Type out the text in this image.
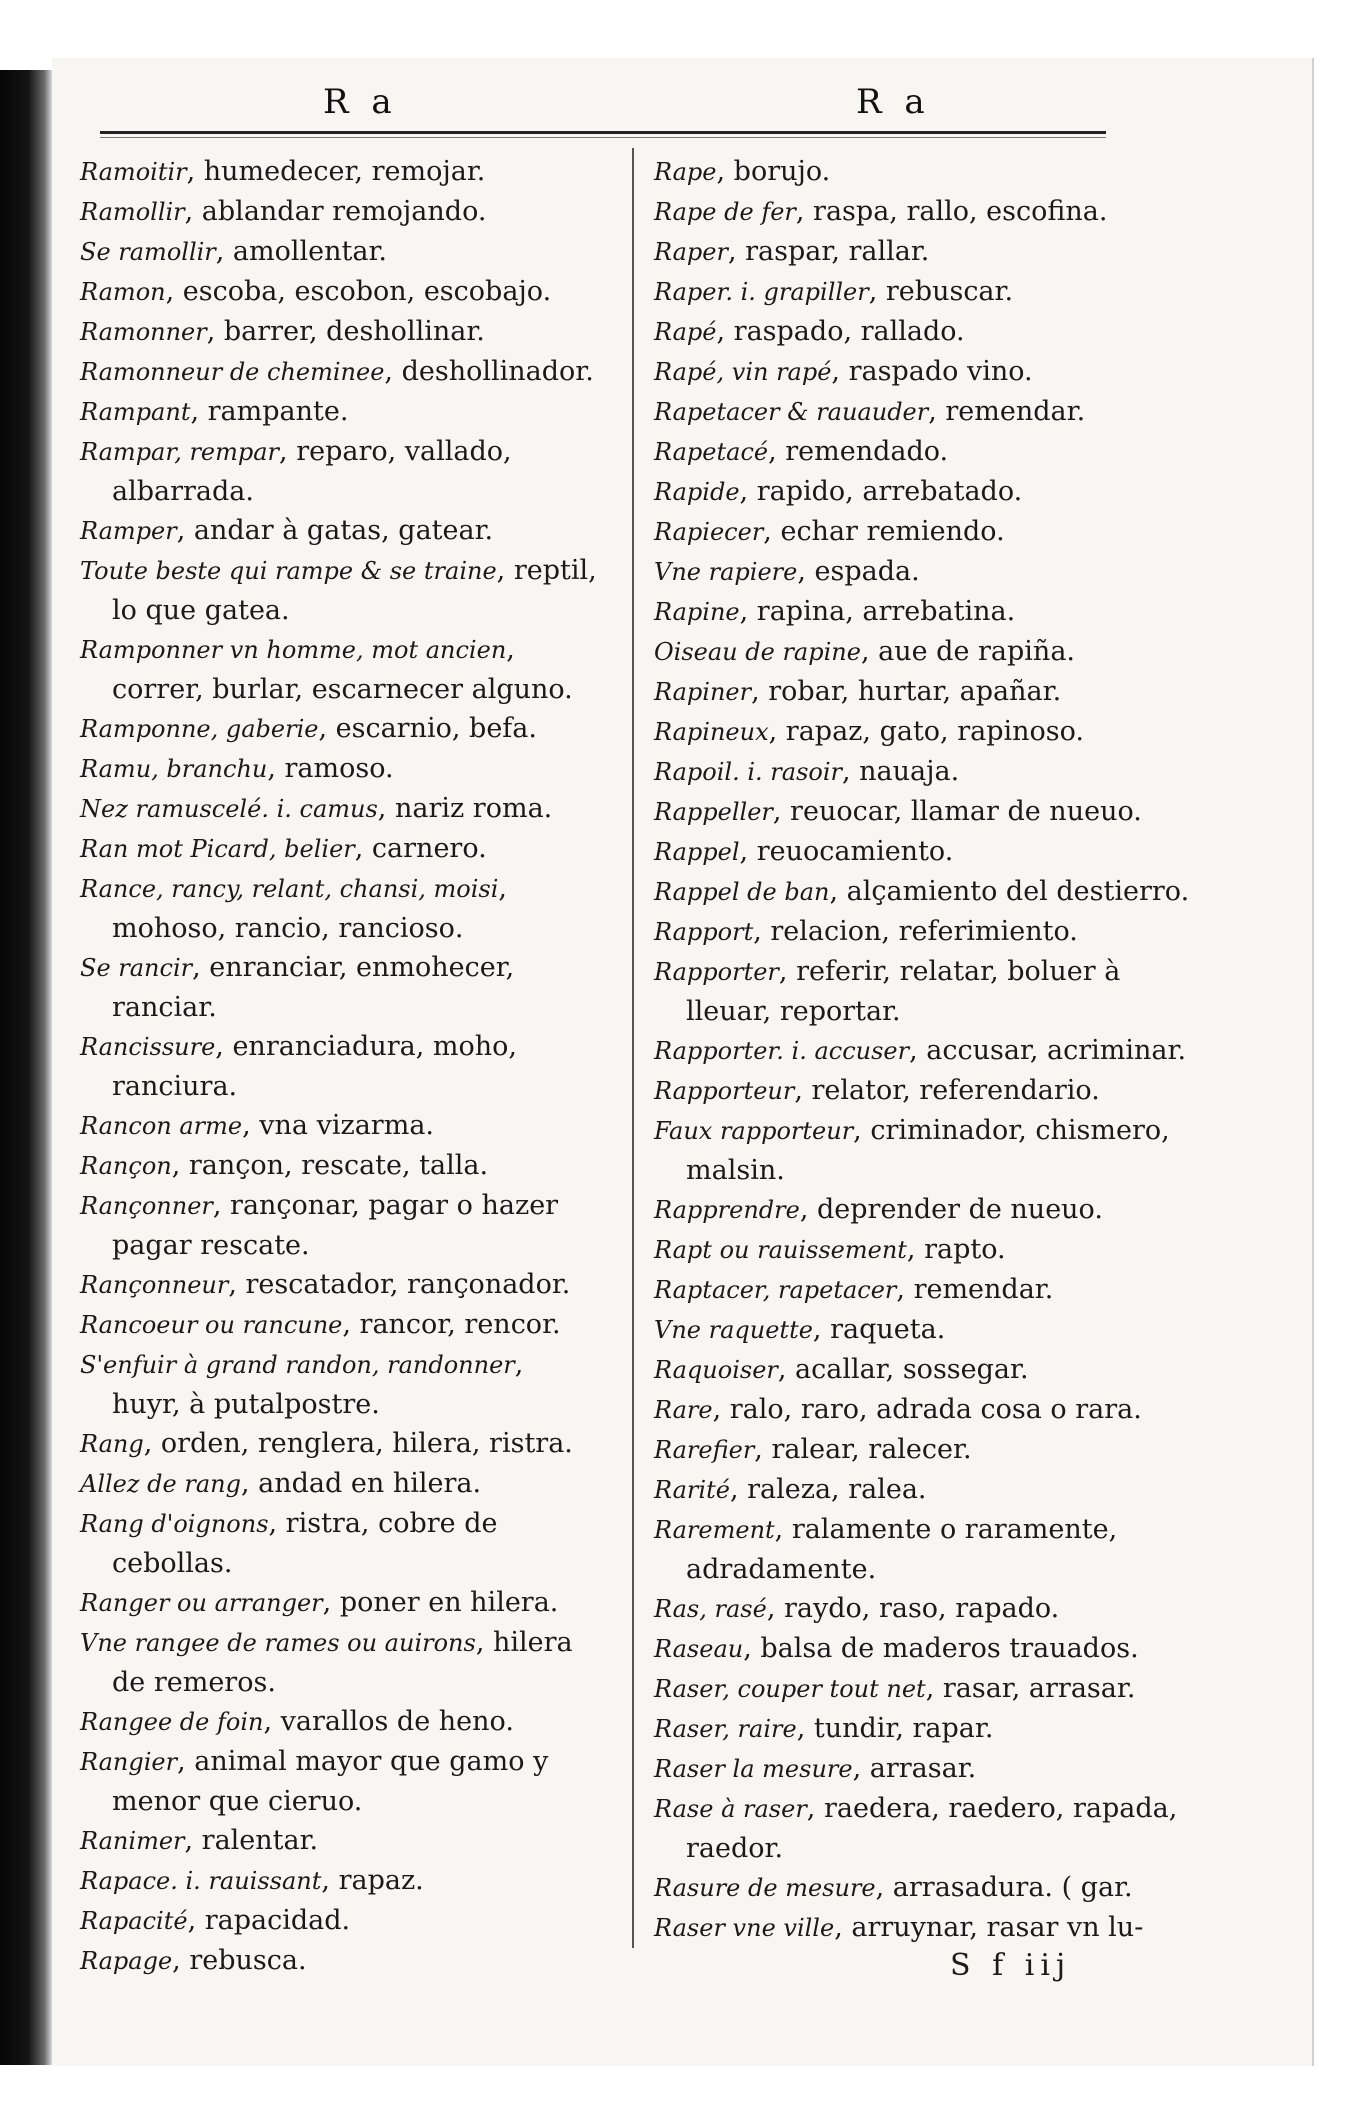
R a	R a
Ramoitir, humedecer, remojar.
Ramollir, ablandar remojando.
Se ramollir, amollentar.
Ramon, escoba, escobon, escobajo.
Ramonner, barrer, deshollinar.
Ramonneur de cheminee, deshollinador.
Rampant, rampante.
Rampar, rempar, reparo, vallado, albarrada.
Ramper, andar à gatas, gatear.
Toute beste qui rampe & se traine, reptil, lo que gatea.
Ramponner vn homme, mot ancien, correr, burlar, escarnecer alguno.
Ramponne, gaberie, escarnio, befa.
Ramu, branchu, ramoso.
Nez ramuscelé. i. camus, nariz roma.
Ran mot Picard, belier, carnero.
Rance, rancy, relant, chansi, moisi, mohoso, rancio, ranciosо.
Se rancir, enranciar, enmohecer, ranciar.
Rancissure, enranciadura, moho, ranciura.
Rancon arme, vna vizarma.
Rançon, rançon, rescate, talla.
Rançonner, rançonar, pagar o hazer pagar rescate.
Rançonneur, rescatador, rançonador.
Rancoeur ou rancune, rancor, rencor.
S'enfuir à grand randon, randonner, huyr, à putalpostre.
Rang, orden, renglera, hilera, ristra.
Allez de rang, andad en hilera.
Rang d'oignons, ristra, cobre de cebollas.
Ranger ou arranger, poner en hilera.
Vne rangee de rames ou auirons, hilera de remeros.
Rangee de foin, varallos de heno.
Rangier, animal mayor que gamo y menor que cieruo.
Ranimer, ralentar.
Rapace. i. rauissant, rapaz.
Rapacité, rapacidad.
Rapage, rebusca.
Rape, borujo.
Rape de fer, raspa, rallo, escofina.
Raper, raspar, rallar.
Raper. i. grapiller, rebuscar.
Rapé, raspado, rallado.
Rapé, vin rapé, raspado vino.
Rapetacer & rauauder, remendar.
Rapetacé, remendado.
Rapide, rapido, arrebatado.
Rapiecer, echar remiendo.
Vne rapiere, espada.
Rapine, rapina, arrebatina.
Oiseau de rapine, aue de rapiña.
Rapiner, robar, hurtar, apañar.
Rapineux, rapaz, gato, rapinoso.
Rapoil. i. rasoir, nauaja.
Rappeller, reuocar, llamar de nueuo.
Rappel, reuocamiento.
Rappel de ban, alçamiento del destierro.
Rapport, relacion, referimiento.
Rapporter, referir, relatar, boluer à lleuar, reportar.
Rapporter. i. accuser, accusar, acriminar.
Rapporteur, relator, referendario.
Faux rapporteur, criminador, chismero, malsin.
Rapprendre, deprender de nueuo.
Rapt ou rauissement, rapto.
Raptacer, rapetacer, remendar.
Vne raquette, raqueta.
Raquoiser, acallar, sossegar.
Rare, ralo, raro, adrada cosa o rara.
Rarefier, ralear, ralecer.
Rarité, raleza, ralea.
Rarement, ralamente o raramente, adradamente.
Ras, rasé, raydo, raso, rapado.
Raseau, balsa de maderos trauados.
Raser, couper tout net, rasar, arrasar.
Raser, raire, tundir, rapar.
Raser la mesure, arrasar.
Rase à raser, raedera, raedero, rapada, raedor.
Rasure de mesure, arrasadura. ( gar.
Raser vne ville, arruynar, rasar vn lu-
S f iij
